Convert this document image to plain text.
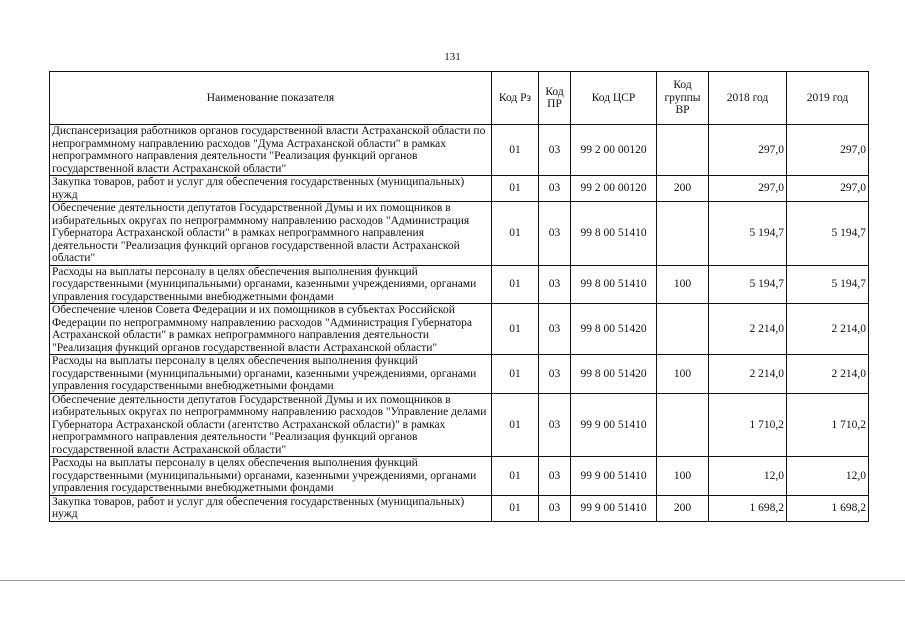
131
Наименование показателя	Код Рз	Код ПР	Код ЦСР	Код группы ВР	2018 год	2019 год
Диспансеризация работников органов государственной власти Астраханской области по непрограммному направлению расходов "Дума Астраханской области" в рамках непрограммного направления деятельности "Реализация функций органов государственной власти Астраханской области"	01	03	99 2 00 00120		297,0	297,0
Закупка товаров, работ и услуг для обеспечения государственных (муниципальных) нужд	01	03	99 2 00 00120	200	297,0	297,0
Обеспечение деятельности депутатов Государственной Думы и их помощников в избирательных округах по непрограммному направлению расходов "Администрация Губернатора Астраханской области" в рамках непрограммного направления деятельности "Реализация функций органов государственной власти Астраханской области"	01	03	99 8 00 51410		5 194,7	5 194,7
Расходы на выплаты персоналу в целях обеспечения выполнения функций государственными (муниципальными) органами, казенными учреждениями, органами управления государственными внебюджетными фондами	01	03	99 8 00 51410	100	5 194,7	5 194,7
Обеспечение членов Совета Федерации и их помощников в субъектах Российской Федерации по непрограммному направлению расходов "Администрация Губернатора Астраханской области" в рамках непрограммного направления деятельности "Реализация функций органов государственной власти Астраханской области"	01	03	99 8 00 51420		2 214,0	2 214,0
Расходы на выплаты персоналу в целях обеспечения выполнения функций государственными (муниципальными) органами, казенными учреждениями, органами управления государственными внебюджетными фондами	01	03	99 8 00 51420	100	2 214,0	2 214,0
Обеспечение деятельности депутатов Государственной Думы и их помощников в избирательных округах по непрограммному направлению расходов "Управление делами Губернатора Астраханской области (агентство Астраханской области)" в рамках непрограммного направления деятельности "Реализация функций органов государственной власти Астраханской области"	01	03	99 9 00 51410		1 710,2	1 710,2
Расходы на выплаты персоналу в целях обеспечения выполнения функций государственными (муниципальными) органами, казенными учреждениями, органами управления государственными внебюджетными фондами	01	03	99 9 00 51410	100	12,0	12,0
Закупка товаров, работ и услуг для обеспечения государственных (муниципальных) нужд	01	03	99 9 00 51410	200	1 698,2	1 698,2
